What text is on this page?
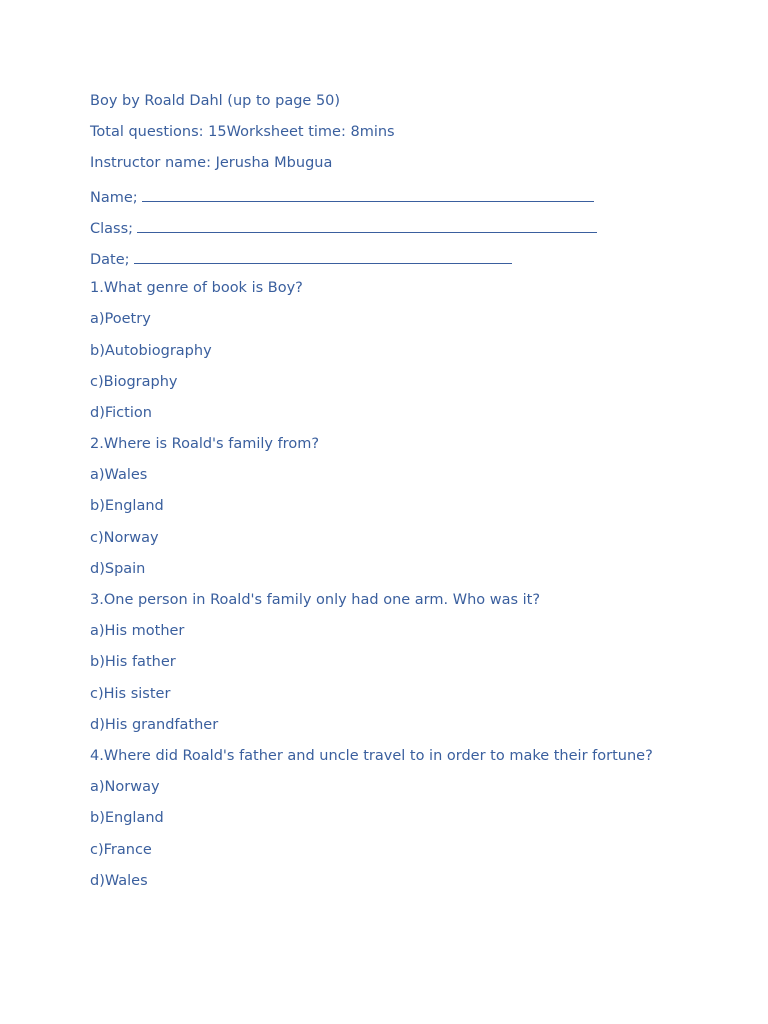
Boy by Roald Dahl (up to page 50)
Total questions: 15Worksheet time: 8mins
Instructor name: Jerusha Mbugua
Name;
Class;
Date;
1.What genre of book is Boy?
a)Poetry
b)Autobiography
c)Biography
d)Fiction
2.Where is Roald's family from?
a)Wales
b)England
c)Norway
d)Spain
3.One person in Roald's family only had one arm. Who was it?
a)His mother
b)His father
c)His sister
d)His grandfather
4.Where did Roald's father and uncle travel to in order to make their fortune?
a)Norway
b)England
c)France
d)Wales
